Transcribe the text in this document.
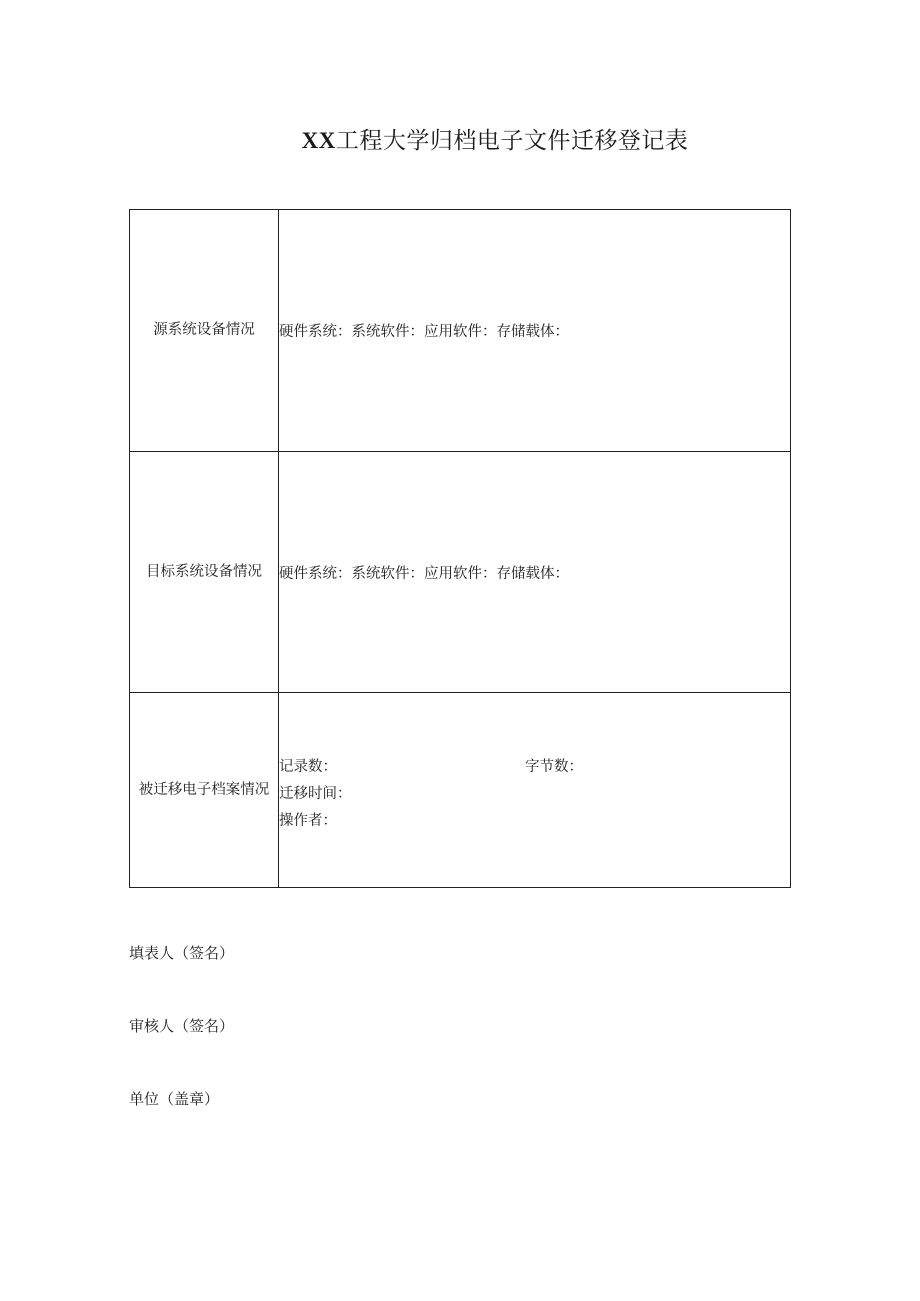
XX工程大学归档电子文件迁移登记表
源系统设备情况	硬件系统：系统软件：应用软件：存储载体：
目标系统设备情况	硬件系统：系统软件：应用软件：存储载体：
被迁移电子档案情况	记录数： 字节数：
迁移时间：
操作者：
填表人（签名）
审核人（签名）
单位（盖章）
